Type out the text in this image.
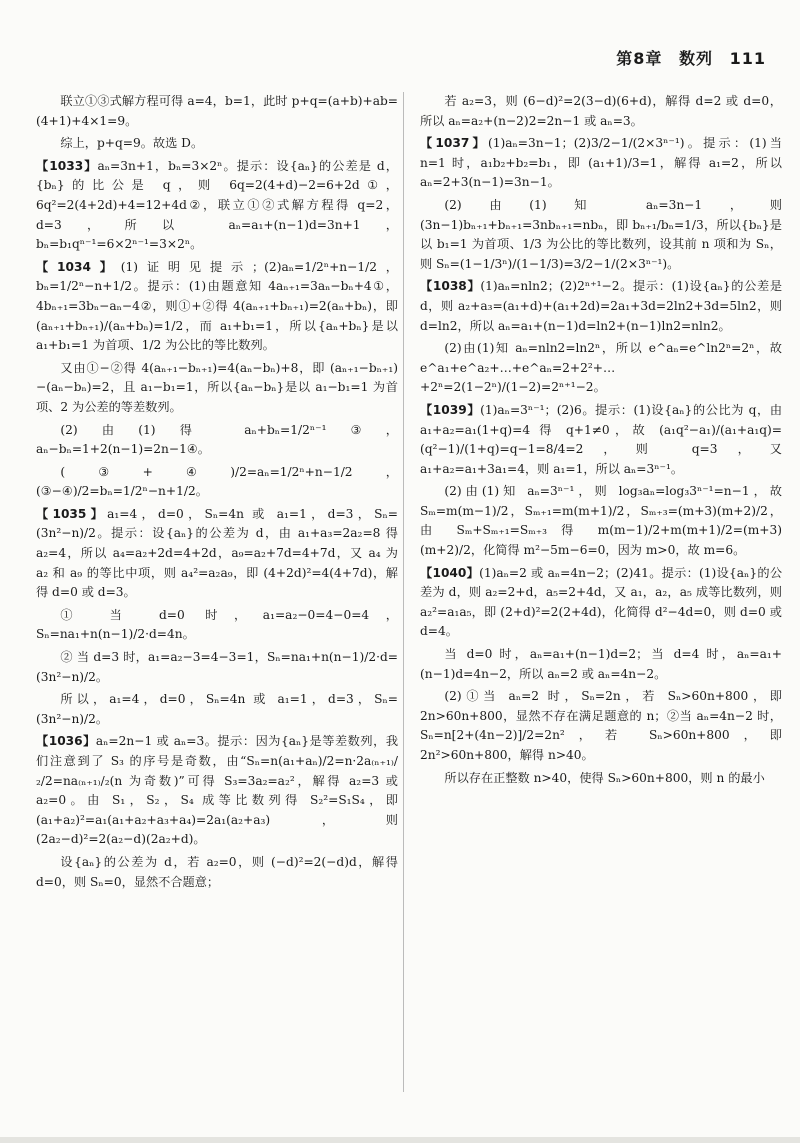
第8章 数列 111

联立①③式解方程可得 a=4，b=1，此时 p+q=(a+b)+ab=(4+1)+4×1=9。

综上，p+q=9。故选 D。

【1033】aₙ=3n+1，bₙ=3×2ⁿ。提示：设{aₙ}的公差是 d，{bₙ}的比公是 q，则 6q=2(4+d)−2=6+2d①，6q²=2(4+2d)+4=12+4d②，联立①②式解方程得 q=2，d=3，所以 aₙ=a₁+(n−1)d=3n+1，bₙ=b₁qⁿ⁻¹=6×2ⁿ⁻¹=3×2ⁿ。

【1034】(1)证明见提示；(2)aₙ=1/2ⁿ+n−1/2，bₙ=1/2ⁿ−n+1/2。提示：(1)由题意知 4aₙ₊₁=3aₙ−bₙ+4①，4bₙ₊₁=3bₙ−aₙ−4②，则①+②得 4(aₙ₊₁+bₙ₊₁)=2(aₙ+bₙ)，即 (aₙ₊₁+bₙ₊₁)/(aₙ+bₙ)=1/2，而 a₁+b₁=1，所以{aₙ+bₙ}是以 a₁+b₁=1 为首项、1/2 为公比的等比数列。

又由①−②得 4(aₙ₊₁−bₙ₊₁)=4(aₙ−bₙ)+8，即 (aₙ₊₁−bₙ₊₁)−(aₙ−bₙ)=2，且 a₁−b₁=1，所以{aₙ−bₙ}是以 a₁−b₁=1 为首项、2 为公差的等差数列。

(2)由(1)得 aₙ+bₙ=1/2ⁿ⁻¹③，aₙ−bₙ=1+2(n−1)=2n−1④。

(③+④)/2=aₙ=1/2ⁿ+n−1/2，(③−④)/2=bₙ=1/2ⁿ−n+1/2。

【1035】a₁=4，d=0，Sₙ=4n 或 a₁=1，d=3，Sₙ=(3n²−n)/2。提示：设{aₙ}的公差为 d，由 a₁+a₃=2a₂=8 得 a₂=4，所以 a₄=a₂+2d=4+2d，a₉=a₂+7d=4+7d，又 a₄ 为 a₂ 和 a₉ 的等比中项，则 a₄²=a₂a₉，即 (4+2d)²=4(4+7d)，解得 d=0 或 d=3。

① 当 d=0 时，a₁=a₂−0=4−0=4，Sₙ=na₁+n(n−1)/2·d=4n。

② 当 d=3 时，a₁=a₂−3=4−3=1，Sₙ=na₁+n(n−1)/2·d=(3n²−n)/2。

所以，a₁=4，d=0，Sₙ=4n 或 a₁=1，d=3，Sₙ=(3n²−n)/2。

【1036】aₙ=2n−1 或 aₙ=3。提示：因为{aₙ}是等差数列，我们注意到了 S₃ 的序号是奇数，由“Sₙ=n(a₁+aₙ)/2=n·2a₍ₙ₊₁₎/₂/2=na₍ₙ₊₁₎/₂(n 为奇数)”可得 S₃=3a₂=a₂²，解得 a₂=3 或 a₂=0。由 S₁，S₂，S₄ 成等比数列得 S₂²=S₁S₄，即 (a₁+a₂)²=a₁(a₁+a₂+a₃+a₄)=2a₁(a₂+a₃)，则 (2a₂−d)²=2(a₂−d)(2a₂+d)。

设{aₙ}的公差为 d，若 a₂=0，则 (−d)²=2(−d)d，解得 d=0，则 Sₙ=0，显然不合题意；

若 a₂=3，则 (6−d)²=2(3−d)(6+d)，解得 d=2 或 d=0，所以 aₙ=a₂+(n−2)2=2n−1 或 aₙ=3。

【1037】(1)aₙ=3n−1；(2)3/2−1/(2×3ⁿ⁻¹)。提示：(1)当 n=1 时，a₁b₂+b₂=b₁，即 (a₁+1)/3=1，解得 a₁=2，所以 aₙ=2+3(n−1)=3n−1。

(2)由(1)知 aₙ=3n−1，则 (3n−1)bₙ₊₁+bₙ₊₁=3nbₙ₊₁=nbₙ，即 bₙ₊₁/bₙ=1/3，所以{bₙ}是以 b₁=1 为首项、1/3 为公比的等比数列，设其前 n 项和为 Sₙ，则 Sₙ=(1−1/3ⁿ)/(1−1/3)=3/2−1/(2×3ⁿ⁻¹)。

【1038】(1)aₙ=nln2；(2)2ⁿ⁺¹−2。提示：(1)设{aₙ}的公差是 d，则 a₂+a₃=(a₁+d)+(a₁+2d)=2a₁+3d=2ln2+3d=5ln2，则 d=ln2，所以 aₙ=a₁+(n−1)d=ln2+(n−1)ln2=nln2。

(2)由(1)知 aₙ=nln2=ln2ⁿ，所以 e^aₙ=e^ln2ⁿ=2ⁿ，故 e^a₁+e^a₂+…+e^aₙ=2+2²+…+2ⁿ=2(1−2ⁿ)/(1−2)=2ⁿ⁺¹−2。

【1039】(1)aₙ=3ⁿ⁻¹；(2)6。提示：(1)设{aₙ}的公比为 q，由 a₁+a₂=a₁(1+q)=4 得 q+1≠0，故 (a₁q²−a₁)/(a₁+a₁q)=(q²−1)/(1+q)=q−1=8/4=2，则 q=3，又 a₁+a₂=a₁+3a₁=4，则 a₁=1，所以 aₙ=3ⁿ⁻¹。

(2)由(1)知 aₙ=3ⁿ⁻¹，则 log₃aₙ=log₃3ⁿ⁻¹=n−1，故 Sₘ=m(m−1)/2，Sₘ₊₁=m(m+1)/2，Sₘ₊₃=(m+3)(m+2)/2，由 Sₘ+Sₘ₊₁=Sₘ₊₃ 得 m(m−1)/2+m(m+1)/2=(m+3)(m+2)/2，化简得 m²−5m−6=0，因为 m>0，故 m=6。

【1040】(1)aₙ=2 或 aₙ=4n−2；(2)41。提示：(1)设{aₙ}的公差为 d，则 a₂=2+d，a₅=2+4d，又 a₁，a₂，a₅ 成等比数列，则 a₂²=a₁a₅，即 (2+d)²=2(2+4d)，化简得 d²−4d=0，则 d=0 或 d=4。

当 d=0 时，aₙ=a₁+(n−1)d=2；当 d=4 时，aₙ=a₁+(n−1)d=4n−2，所以 aₙ=2 或 aₙ=4n−2。

(2)①当 aₙ=2 时，Sₙ=2n，若 Sₙ>60n+800，即 2n>60n+800，显然不存在满足题意的 n；②当 aₙ=4n−2 时，Sₙ=n[2+(4n−2)]/2=2n²，若 Sₙ>60n+800，即 2n²>60n+800，解得 n>40。

所以存在正整数 n>40，使得 Sₙ>60n+800，则 n 的最小
